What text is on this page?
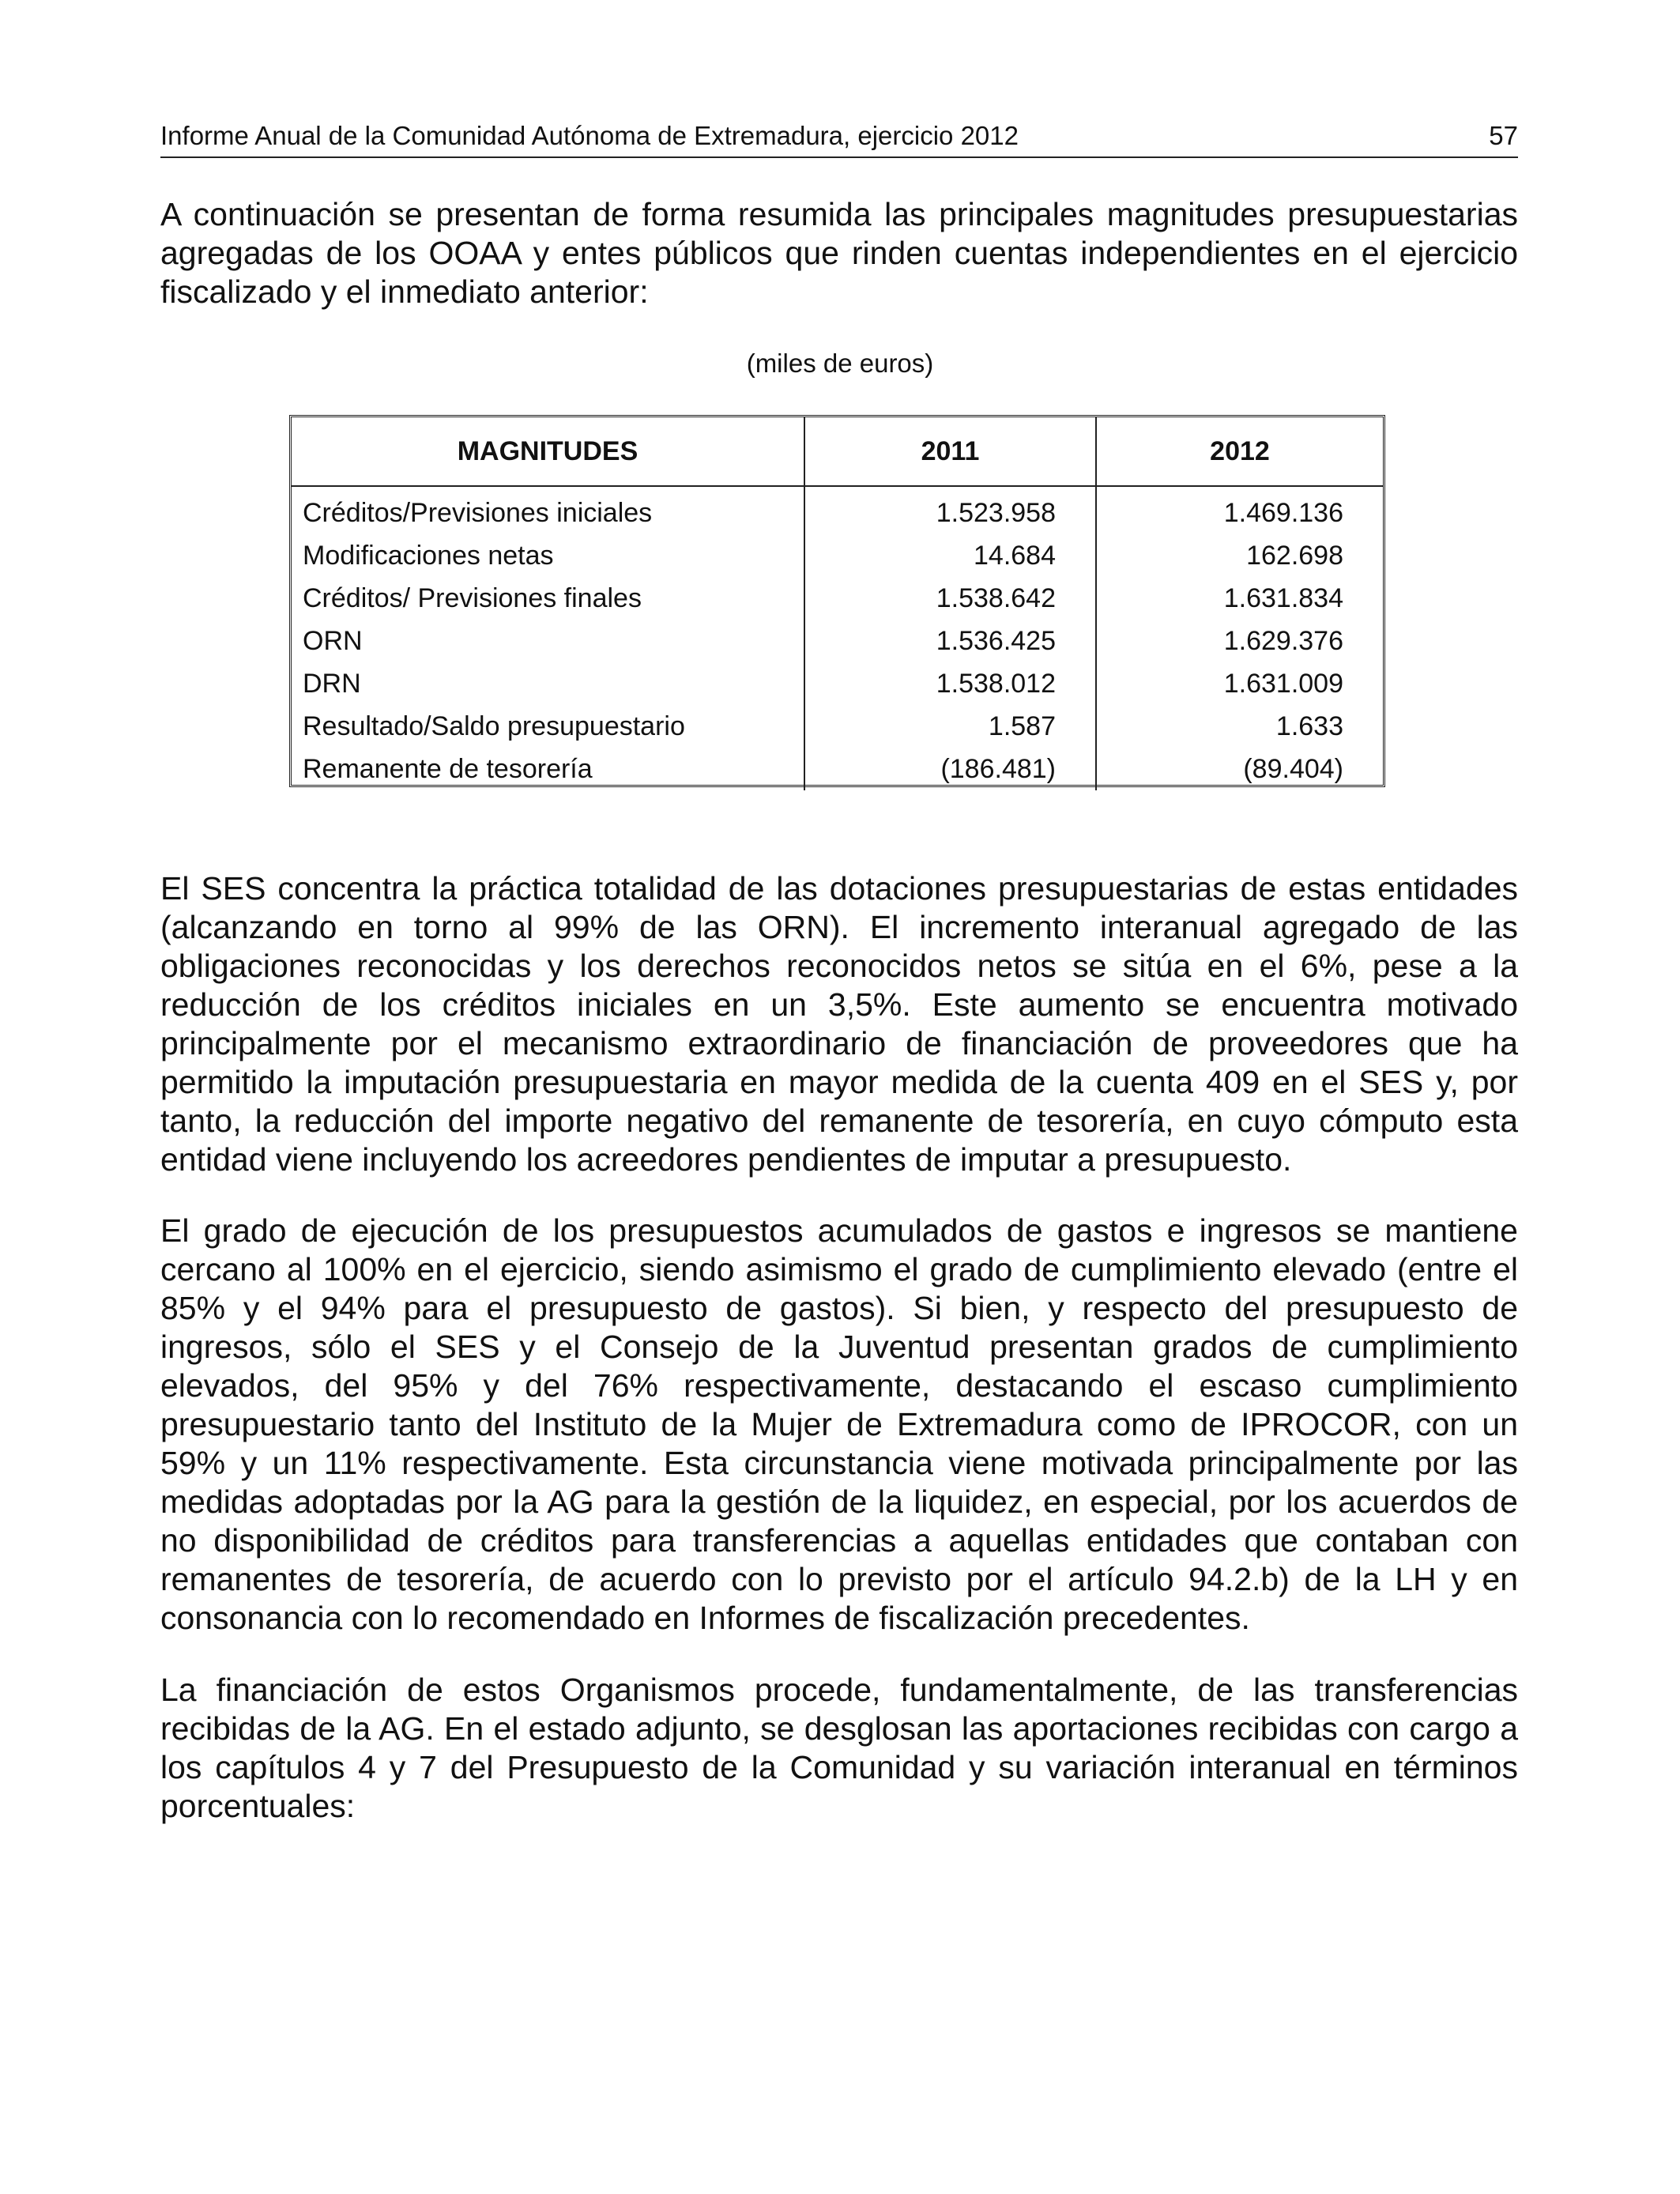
Informe Anual de la Comunidad Autónoma de Extremadura, ejercicio 2012	57

A continuación se presentan de forma resumida las principales magnitudes presupuestarias agregadas de los OOAA y entes públicos que rinden cuentas independientes en el ejercicio fiscalizado y el inmediato anterior:

(miles de euros)
MAGNITUDES	2011	2012
Créditos/Previsiones iniciales	1.523.958	1.469.136
Modificaciones netas	14.684	162.698
Créditos/ Previsiones finales	1.538.642	1.631.834
ORN	1.536.425	1.629.376
DRN	1.538.012	1.631.009
Resultado/Saldo presupuestario	1.587	1.633
Remanente de tesorería	(186.481)	(89.404)

El SES concentra la práctica totalidad de las dotaciones presupuestarias de estas entidades (alcanzando en torno al 99% de las ORN). El incremento interanual agregado de las obligaciones reconocidas y los derechos reconocidos netos se sitúa en el 6%, pese a la reducción de los créditos iniciales en un 3,5%. Este aumento se encuentra motivado principalmente por el mecanismo extraordinario de financiación de proveedores que ha permitido la imputación presupuestaria en mayor medida de la cuenta 409 en el SES y, por tanto, la reducción del importe negativo del remanente de tesorería, en cuyo cómputo esta entidad viene incluyendo los acreedores pendientes de imputar a presupuesto.

El grado de ejecución de los presupuestos acumulados de gastos e ingresos se mantiene cercano al 100% en el ejercicio, siendo asimismo el grado de cumplimiento elevado (entre el 85% y el 94% para el presupuesto de gastos). Si bien, y respecto del presupuesto de ingresos, sólo el SES y el Consejo de la Juventud presentan grados de cumplimiento elevados, del 95% y del 76% respectivamente, destacando el escaso cumplimiento presupuestario tanto del Instituto de la Mujer de Extremadura como de IPROCOR, con un 59% y un 11% respectivamente. Esta circunstancia viene motivada principalmente por las medidas adoptadas por la AG para la gestión de la liquidez, en especial, por los acuerdos de no disponibilidad de créditos para transferencias a aquellas entidades que contaban con remanentes de tesorería, de acuerdo con lo previsto por el artículo 94.2.b) de la LH y en consonancia con lo recomendado en Informes de fiscalización precedentes.

La financiación de estos Organismos procede, fundamentalmente, de las transferencias recibidas de la AG. En el estado adjunto, se desglosan las aportaciones recibidas con cargo a los capítulos 4 y 7 del Presupuesto de la Comunidad y su variación interanual en términos porcentuales:
